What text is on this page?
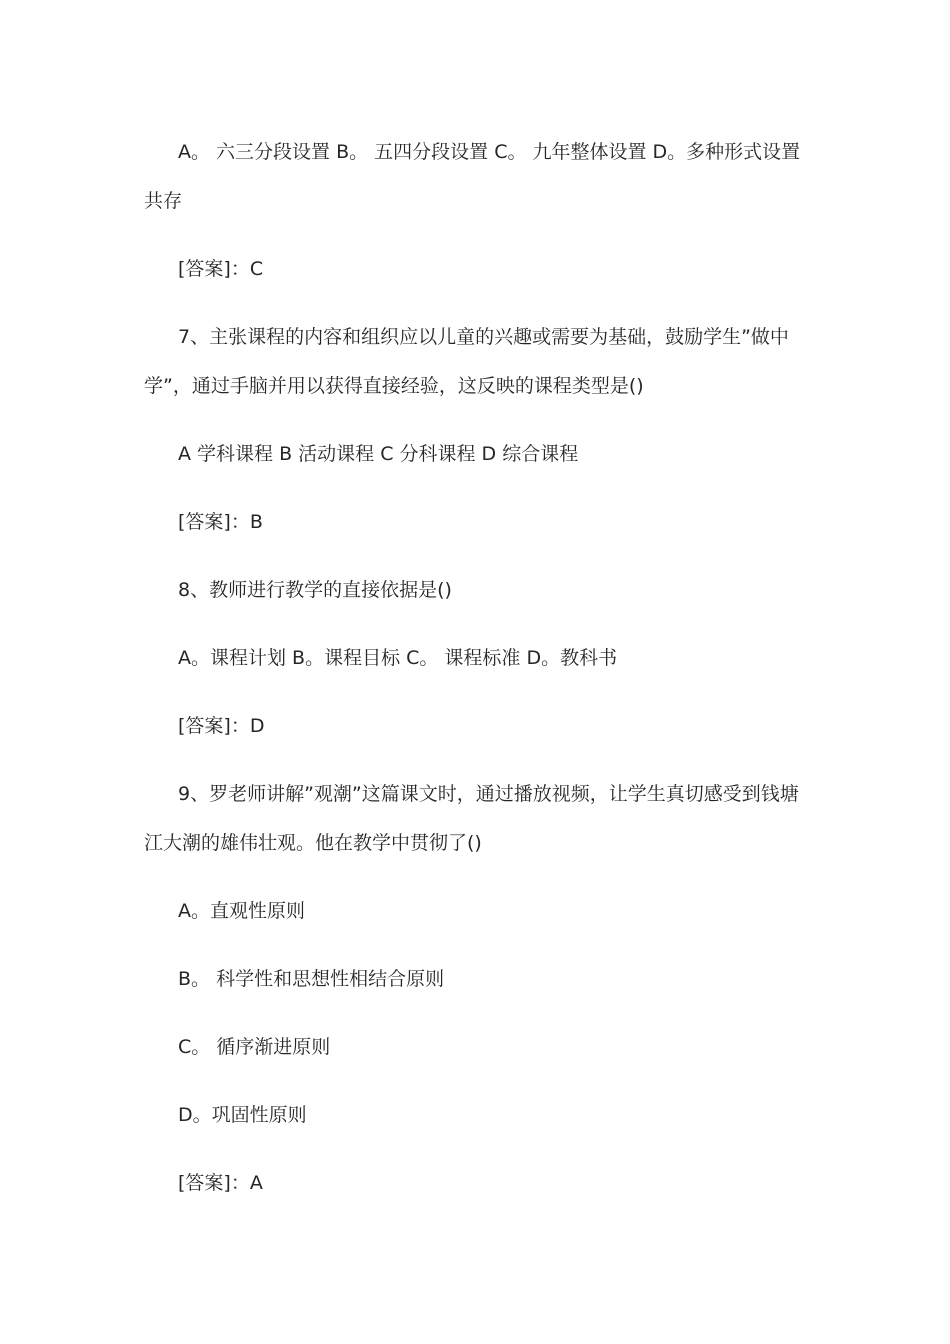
A。 六三分段设置 B。 五四分段设置 C。 九年整体设置 D。多种形式设置共存

[答案]：C

7、主张课程的内容和组织应以儿童的兴趣或需要为基础，鼓励学生”做中学”，通过手脑并用以获得直接经验，这反映的课程类型是()

A 学科课程 B 活动课程 C 分科课程 D 综合课程

[答案]：B

8、教师进行教学的直接依据是()

A。课程计划 B。课程目标 C。 课程标准 D。教科书

[答案]：D

9、罗老师讲解”观潮”这篇课文时，通过播放视频，让学生真切感受到钱塘江大潮的雄伟壮观。他在教学中贯彻了()

A。直观性原则

B。 科学性和思想性相结合原则

C。 循序渐进原则

D。巩固性原则

[答案]：A
